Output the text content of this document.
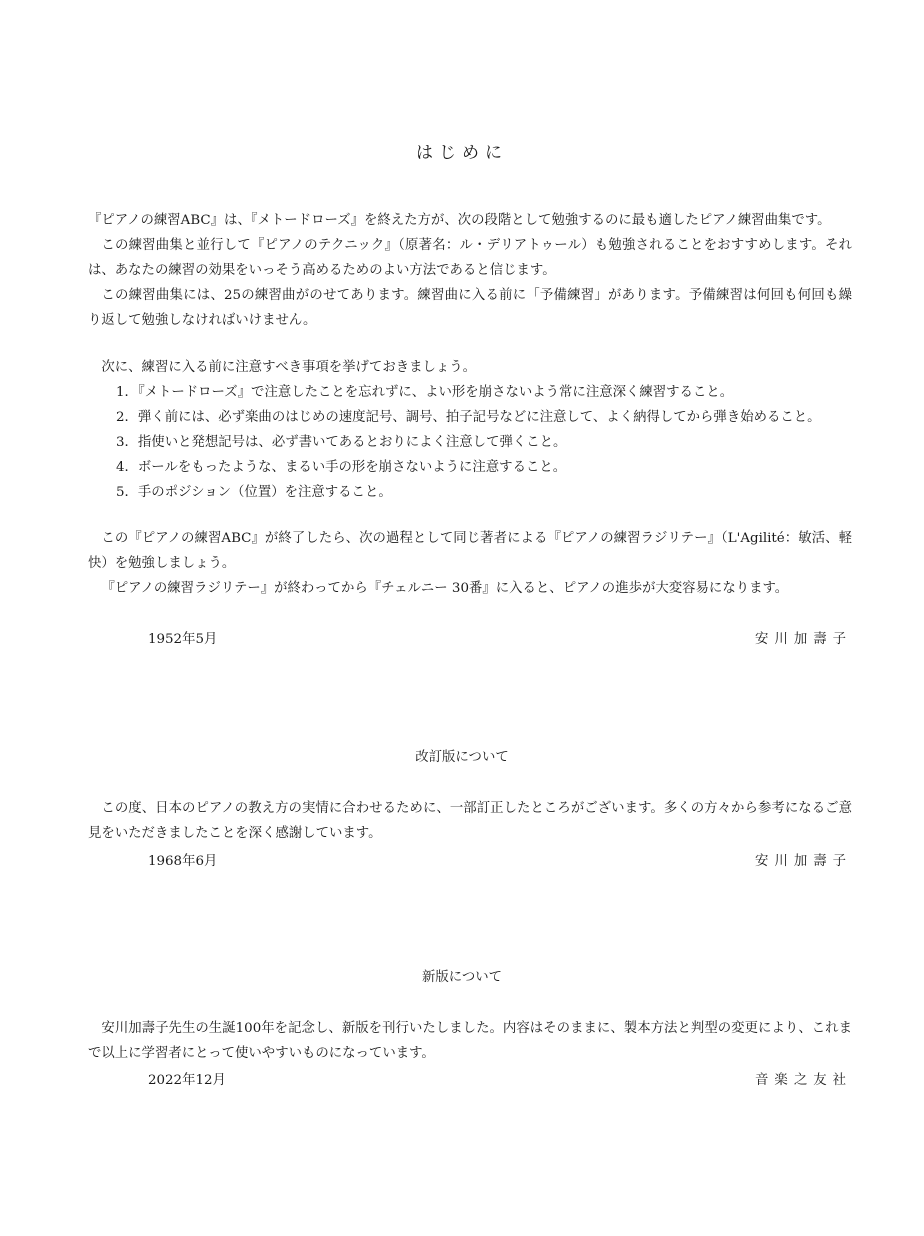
はじめに
『ピアノの練習ABC』は、『メトードローズ』を終えた方が、次の段階として勉強するのに最も適したピアノ練習曲集です。
この練習曲集と並行して『ピアノのテクニック』（原著名：ル・デリアトゥール）も勉強されることをおすすめします。それは、あなたの練習の効果をいっそう高めるためのよい方法であると信じます。
この練習曲集には、25の練習曲がのせてあります。練習曲に入る前に「予備練習」があります。予備練習は何回も何回も繰り返して勉強しなければいけません。
次に、練習に入る前に注意すべき事項を挙げておきましょう。
1．『メトードローズ』で注意したことを忘れずに、よい形を崩さないよう常に注意深く練習すること。
2．弾く前には、必ず楽曲のはじめの速度記号、調号、拍子記号などに注意して、よく納得してから弾き始めること。
3．指使いと発想記号は、必ず書いてあるとおりによく注意して弾くこと。
4．ボールをもったような、まるい手の形を崩さないように注意すること。
5．手のポジション（位置）を注意すること。
この『ピアノの練習ABC』が終了したら、次の過程として同じ著者による『ピアノの練習ラジリテー』（L'Agilité：敏活、軽快）を勉強しましょう。
『ピアノの練習ラジリテー』が終わってから『チェルニー 30番』に入ると、ピアノの進歩が大変容易になります。
1952年5月	安川加壽子
改訂版について
この度、日本のピアノの教え方の実情に合わせるために、一部訂正したところがございます。多くの方々から参考になるご意見をいただきましたことを深く感謝しています。
1968年6月	安川加壽子
新版について
安川加壽子先生の生誕100年を記念し、新版を刊行いたしました。内容はそのままに、製本方法と判型の変更により、これまで以上に学習者にとって使いやすいものになっています。
2022年12月	音楽之友社
